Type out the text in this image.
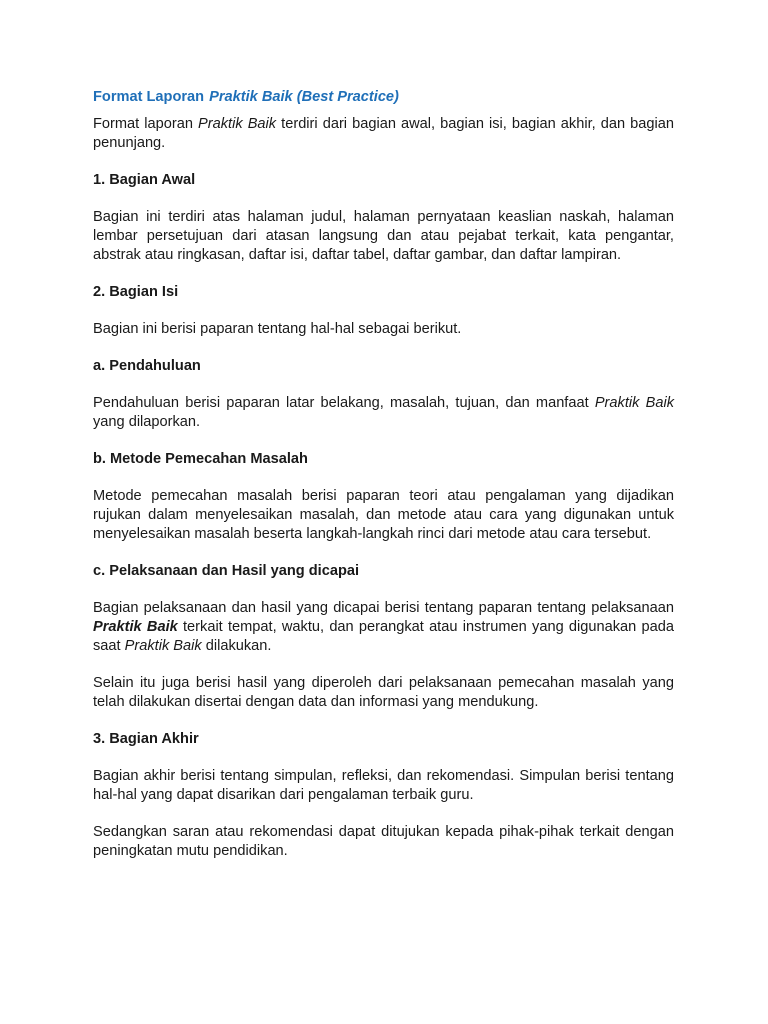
Format Laporan Praktik Baik (Best Practice)

Format laporan Praktik Baik terdiri dari bagian awal, bagian isi, bagian akhir, dan bagian penunjang.

1. Bagian Awal

Bagian ini terdiri atas halaman judul, halaman pernyataan keaslian naskah, halaman lembar persetujuan dari atasan langsung dan atau pejabat terkait, kata pengantar, abstrak atau ringkasan, daftar isi, daftar tabel, daftar gambar, dan daftar lampiran.

2. Bagian Isi

Bagian ini berisi paparan tentang hal-hal sebagai berikut.

a. Pendahuluan

Pendahuluan berisi paparan latar belakang, masalah, tujuan, dan manfaat Praktik Baik yang dilaporkan.

b. Metode Pemecahan Masalah

Metode pemecahan masalah berisi paparan teori atau pengalaman yang dijadikan rujukan dalam menyelesaikan masalah, dan metode atau cara yang digunakan untuk menyelesaikan masalah beserta langkah-langkah rinci dari metode atau cara tersebut.

c. Pelaksanaan dan Hasil yang dicapai

Bagian pelaksanaan dan hasil yang dicapai berisi tentang paparan tentang pelaksanaan Praktik Baik terkait tempat, waktu, dan perangkat atau instrumen yang digunakan pada saat Praktik Baik dilakukan.

Selain itu juga berisi hasil yang diperoleh dari pelaksanaan pemecahan masalah yang telah dilakukan disertai dengan data dan informasi yang mendukung.

3. Bagian Akhir

Bagian akhir berisi tentang simpulan, refleksi, dan rekomendasi. Simpulan berisi tentang hal-hal yang dapat disarikan dari pengalaman terbaik guru.

Sedangkan saran atau rekomendasi dapat ditujukan kepada pihak-pihak terkait dengan peningkatan mutu pendidikan.
